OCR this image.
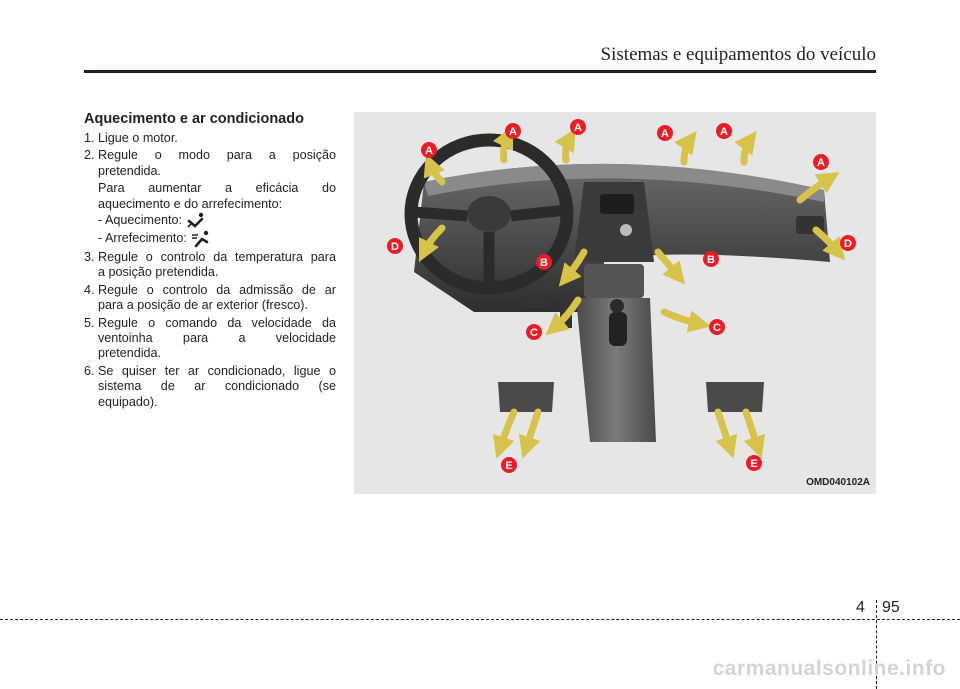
Sistemas e equipamentos do veículo
Aquecimento e ar condicionado
1. Ligue o motor.
2. Regule o modo para a posição
pretendida.
Para aumentar a eficácia do
aquecimento e do arrefecimento:
- Aquecimento:
- Arrefecimento:
3. Regule o controlo da temperatura para
a posição pretendida.
4. Regule o controlo da admissão de ar
para a posição de ar exterior (fresco).
5. Regule o comando da velocidade da
ventoinha para a velocidade
pretendida.
6. Se quiser ter ar condicionado, ligue o
sistema de ar condicionado (se
equipado).
A
A	A	A	A
A
B	B
C	C
D	D
E	E
OMD040102A
4 95
carmanualsonline.info
